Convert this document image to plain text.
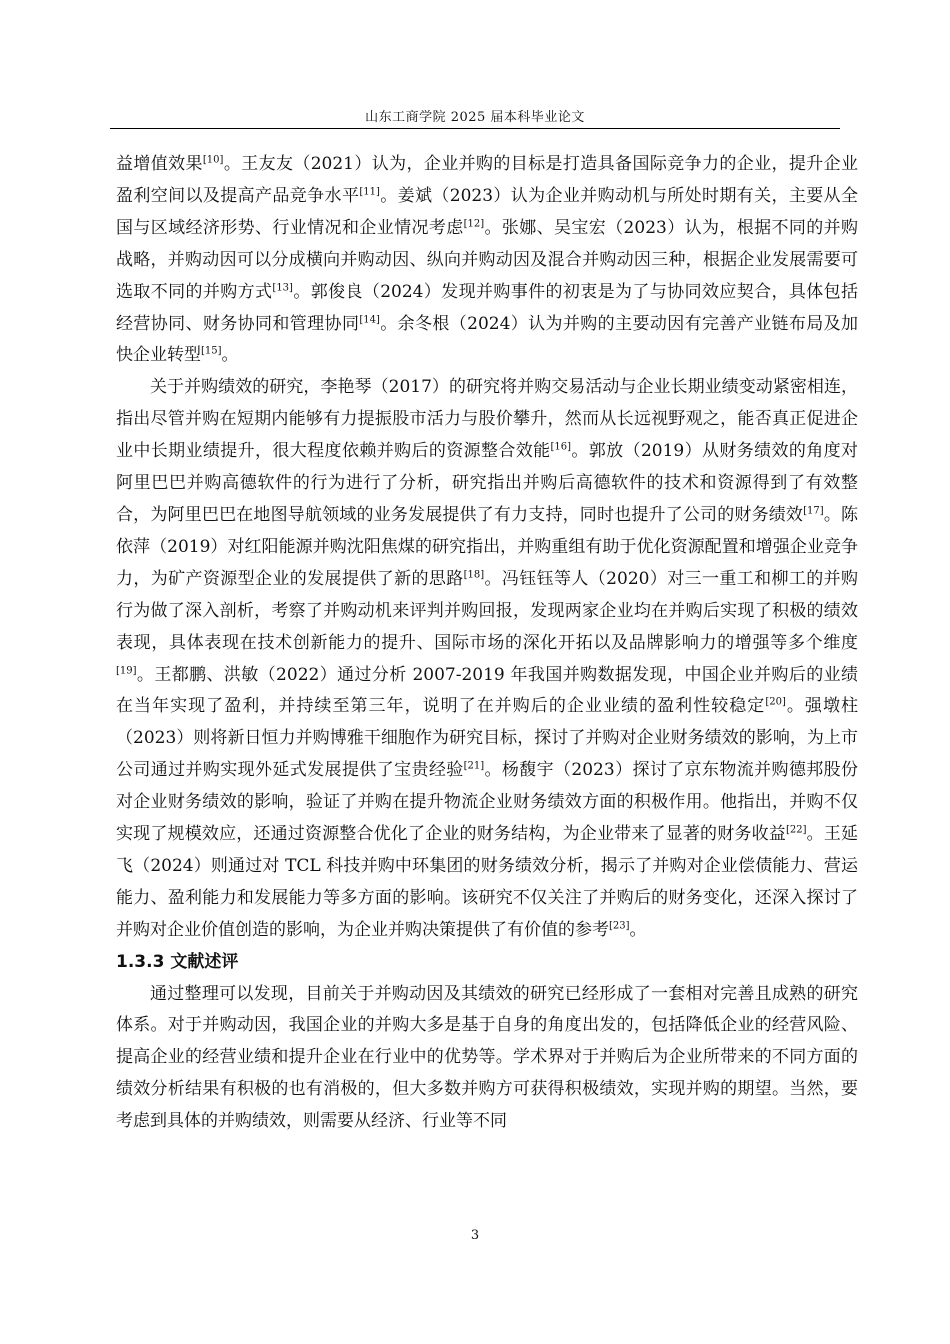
山东工商学院 2025 届本科毕业论文

益增值效果[10]。王友友（2021）认为，企业并购的目标是打造具备国际竞争力的企业，提升企业盈利空间以及提高产品竞争水平[11]。姜斌（2023）认为企业并购动机与所处时期有关，主要从全国与区域经济形势、行业情况和企业情况考虑[12]。张娜、吴宝宏（2023）认为，根据不同的并购战略，并购动因可以分成横向并购动因、纵向并购动因及混合并购动因三种，根据企业发展需要可选取不同的并购方式[13]。郭俊良（2024）发现并购事件的初衷是为了与协同效应契合，具体包括经营协同、财务协同和管理协同[14]。余冬根（2024）认为并购的主要动因有完善产业链布局及加快企业转型[15]。

关于并购绩效的研究，李艳琴（2017）的研究将并购交易活动与企业长期业绩变动紧密相连，指出尽管并购在短期内能够有力提振股市活力与股价攀升，然而从长远视野观之，能否真正促进企业中长期业绩提升，很大程度依赖并购后的资源整合效能[16]。郭放（2019）从财务绩效的角度对阿里巴巴并购高德软件的行为进行了分析，研究指出并购后高德软件的技术和资源得到了有效整合，为阿里巴巴在地图导航领域的业务发展提供了有力支持，同时也提升了公司的财务绩效[17]。陈依萍（2019）对红阳能源并购沈阳焦煤的研究指出，并购重组有助于优化资源配置和增强企业竞争力，为矿产资源型企业的发展提供了新的思路[18]。冯钰钰等人（2020）对三一重工和柳工的并购行为做了深入剖析，考察了并购动机来评判并购回报，发现两家企业均在并购后实现了积极的绩效表现，具体表现在技术创新能力的提升、国际市场的深化开拓以及品牌影响力的增强等多个维度[19]。王都鹏、洪敏（2022）通过分析 2007-2019 年我国并购数据发现，中国企业并购后的业绩在当年实现了盈利，并持续至第三年，说明了在并购后的企业业绩的盈利性较稳定[20]。强墩柱（2023）则将新日恒力并购博雅干细胞作为研究目标，探讨了并购对企业财务绩效的影响，为上市公司通过并购实现外延式发展提供了宝贵经验[21]。杨馥宇（2023）探讨了京东物流并购德邦股份对企业财务绩效的影响，验证了并购在提升物流企业财务绩效方面的积极作用。他指出，并购不仅实现了规模效应，还通过资源整合优化了企业的财务结构，为企业带来了显著的财务收益[22]。王延飞（2024）则通过对 TCL 科技并购中环集团的财务绩效分析，揭示了并购对企业偿债能力、营运能力、盈利能力和发展能力等多方面的影响。该研究不仅关注了并购后的财务变化，还深入探讨了并购对企业价值创造的影响，为企业并购决策提供了有价值的参考[23]。

1.3.3 文献述评

通过整理可以发现，目前关于并购动因及其绩效的研究已经形成了一套相对完善且成熟的研究体系。对于并购动因，我国企业的并购大多是基于自身的角度出发的，包括降低企业的经营风险、提高企业的经营业绩和提升企业在行业中的优势等。学术界对于并购后为企业所带来的不同方面的绩效分析结果有积极的也有消极的，但大多数并购方可获得积极绩效，实现并购的期望。当然，要考虑到具体的并购绩效，则需要从经济、行业等不同

3
